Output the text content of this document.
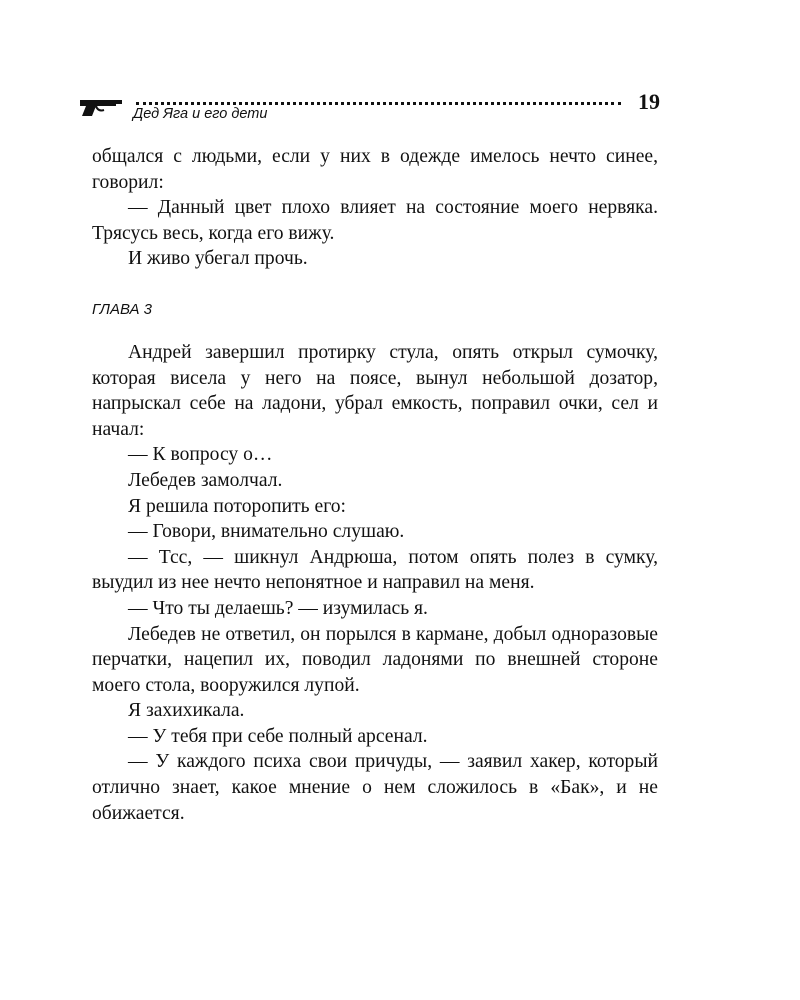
19
Дед Яга и его дети

общался с людьми, если у них в одежде имелось нечто синее, говорил:

— Данный цвет плохо влияет на состояние моего нервяка. Трясусь весь, когда его вижу.

И живо убегал прочь.

ГЛАВА 3

Андрей завершил протирку стула, опять открыл сумочку, которая висела у него на поясе, вынул небольшой дозатор, напрыскал себе на ладони, убрал емкость, поправил очки, сел и начал:

— К вопросу о…

Лебедев замолчал.

Я решила поторопить его:

— Говори, внимательно слушаю.

— Тсс, — шикнул Андрюша, потом опять полез в сумку, выудил из нее нечто непонятное и направил на меня.

— Что ты делаешь? — изумилась я.

Лебедев не ответил, он порылся в кармане, добыл одноразовые перчатки, нацепил их, поводил ладонями по внешней стороне моего стола, вооружился лупой.

Я захихикала.

— У тебя при себе полный арсенал.

— У каждого психа свои причуды, — заявил хакер, который отлично знает, какое мнение о нем сложилось в «Бак», и не обижается.
